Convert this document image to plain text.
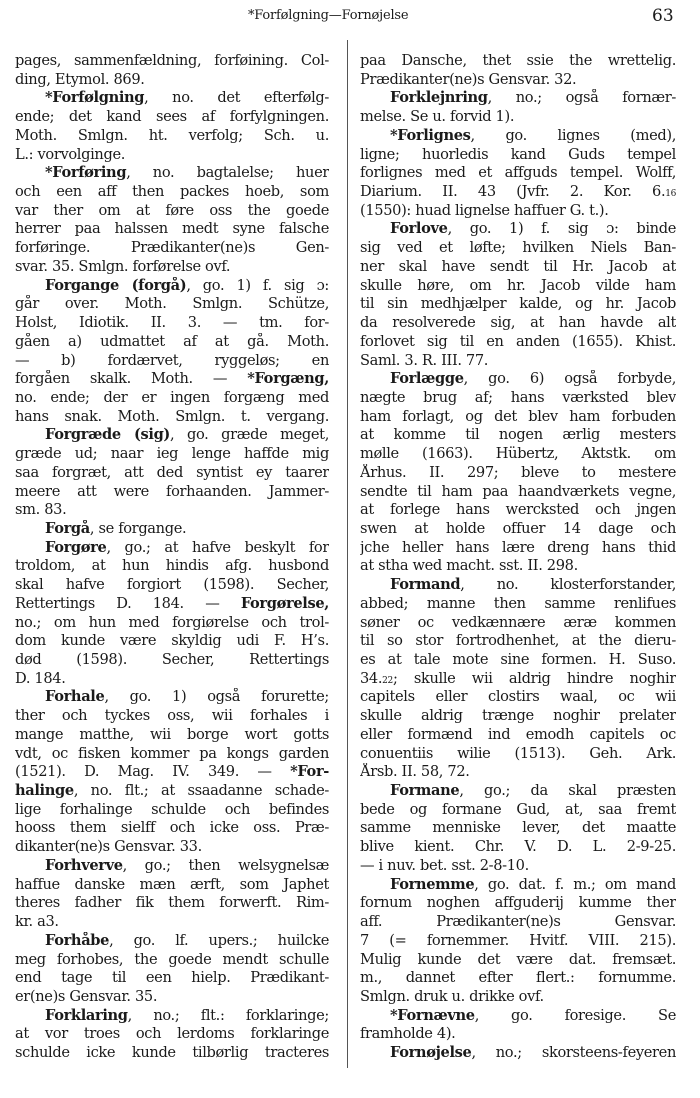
*Forfølgning—Fornøjelse	63
pages, sammenfældning, forføining. Col-
ding, Etymol. 869.
*Forfølgning, no. det efterfølg-
ende; det kand sees af forfylgningen.
Moth. Smlgn. ht. verfolg; Sch. u.
L.: vorvolginge.
*Forføring, no. bagtalelse; huer
och een aff then packes hoeb, som
var ther om at føre oss the goede
herrer paa halssen medt syne falsche
forføringe. Prædikanter(ne)s Gen-
svar. 35. Smlgn. forførelse ovf.
Forgange (forgå), go. 1) f. sig ɔ:
går over. Moth. Smlgn. Schütze,
Holst, Idiotik. II. 3. — tm. for-
gåen a) udmattet af at gå. Moth.
— b) fordærvet, ryggeløs; en
forgåen skalk. Moth. — *Forgæng,
no. ende; der er ingen forgæng med
hans snak. Moth. Smlgn. t. vergang.
Forgræde (sig), go. græde meget,
græde ud; naar ieg lenge haffde mig
saa forgræt, att ded syntist ey taarer
meere att were forhaanden. Jammer-
sm. 83.
Forgå, se forgange.
Forgøre, go.; at hafve beskylt for
troldom, at hun hindis afg. husbond
skal hafve forgiort (1598). Secher,
Rettertings D. 184. — Forgørelse,
no.; om hun med forgiørelse och trol-
dom kunde være skyldig udi F. H’s.
død (1598). Secher, Rettertings
D. 184.
Forhale, go. 1) også forurette;
ther och tyckes oss, wii forhales i
mange matthe, wii borge wort gotts
vdt, oc fisken kommer pa kongs garden
(1521). D. Mag. IV. 349. — *For-
halinge, no. flt.; at ssaadanne schade-
lige forhalinge schulde och befindes
hooss them sielff och icke oss. Præ-
dikanter(ne)s Gensvar. 33.
Forhverve, go.; then welsygnelsæ
haffue danske mæn ærft, som Japhet
theres fadher fik them forwerft. Rim-
kr. a3.
Forhåbe, go. lf. upers.; huilcke
meg forhobes, the goede mendt schulle
end tage til een hielp. Prædikant-
er(ne)s Gensvar. 35.
Forklaring, no.; flt.: forklaringe;
at vor troes och lerdoms forklaringe
schulde icke kunde tilbørlig tracteres
paa Dansche, thet ssie the wrettelig.
Prædikanter(ne)s Gensvar. 32.
Forklejnring, no.; også fornær-
melse. Se u. forvid 1).
*Forlignes, go. lignes (med),
ligne; huorledis kand Guds tempel
forlignes med et affguds tempel. Wolff,
Diarium. II. 43 (Jvfr. 2. Kor. 6.16
(1550): huad lignelse haffuer G. t.).
Forlove, go. 1) f. sig ɔ: binde
sig ved et løfte; hvilken Niels Ban-
ner skal have sendt til Hr. Jacob at
skulle høre, om hr. Jacob vilde ham
til sin medhjælper kalde, og hr. Jacob
da resolverede sig, at han havde alt
forlovet sig til en anden (1655). Khist.
Saml. 3. R. III. 77.
Forlægge, go. 6) også forbyde,
nægte brug af; hans værksted blev
ham forlagt, og det blev ham forbuden
at komme til nogen ærlig mesters
mølle (1663). Hübertz, Aktstk. om
Århus. II. 297; bleve to mestere
sendte til ham paa haandværkets vegne,
at forlege hans wercksted och jngen
swen at holde offuer 14 dage och
jche heller hans lære dreng hans thid
at stha wed macht. sst. II. 298.
Formand, no. klosterforstander,
abbed; manne then samme renlifues
søner oc vedkænnære æræ kommen
til so stor fortrodhenhet, at the dieru-
es at tale mote sine formen. H. Suso.
34.22; skulle wii aldrig hindre noghir
capitels eller clostirs waal, oc wii
skulle aldrig trænge noghir prelater
eller formænd ind emodh capitels oc
conuentiis wilie (1513). Geh. Ark.
Årsb. II. 58, 72.
Formane, go.; da skal præsten
bede og formane Gud, at, saa fremt
samme menniske lever, det maatte
blive kient. Chr. V. D. L. 2-9-25.
— i nuv. bet. sst. 2-8-10.
Fornemme, go. dat. f. m.; om mand
fornum noghen affguderij kumme ther
aff. Prædikanter(ne)s Gensvar.
7 (= fornemmer. Hvitf. VIII. 215).
Mulig kunde det være dat. fremsæt.
m., dannet efter flert.: fornumme.
Smlgn. druk u. drikke ovf.
*Fornævne, go. foresige. Se
framholde 4).
Fornøjelse, no.; skorsteens-feyeren
